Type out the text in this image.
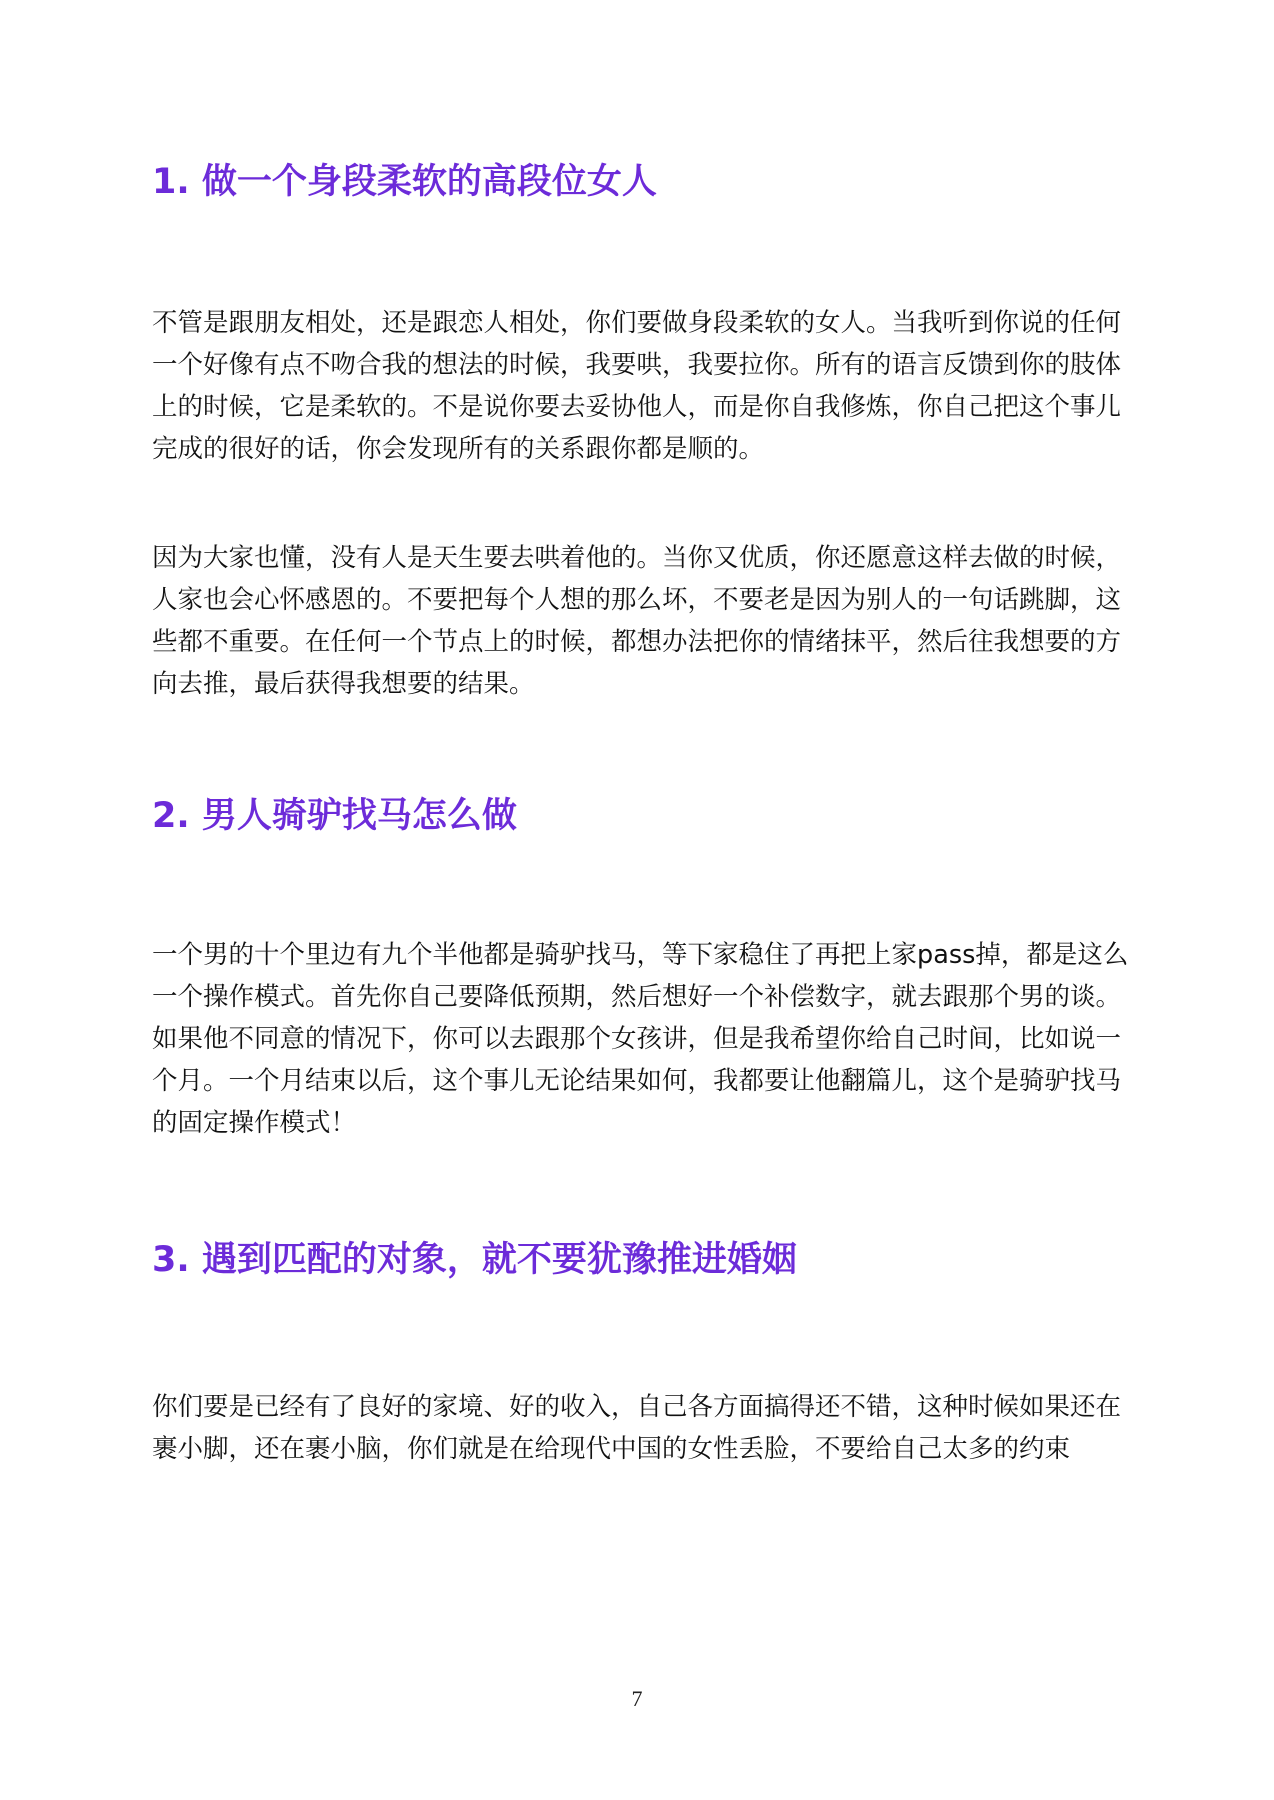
1. 做一个身段柔软的高段位女人

不管是跟朋友相处，还是跟恋人相处，你们要做身段柔软的女人。当我听到你说的任何一个好像有点不吻合我的想法的时候，我要哄，我要拉你。所有的语言反馈到你的肢体上的时候，它是柔软的。不是说你要去妥协他人，而是你自我修炼，你自己把这个事儿完成的很好的话，你会发现所有的关系跟你都是顺的。

因为大家也懂，没有人是天生要去哄着他的。当你又优质，你还愿意这样去做的时候，人家也会心怀感恩的。不要把每个人想的那么坏，不要老是因为别人的一句话跳脚，这些都不重要。在任何一个节点上的时候，都想办法把你的情绪抹平，然后往我想要的方向去推，最后获得我想要的结果。

2. 男人骑驴找马怎么做

一个男的十个里边有九个半他都是骑驴找马，等下家稳住了再把上家pass掉，都是这么一个操作模式。首先你自己要降低预期，然后想好一个补偿数字，就去跟那个男的谈。如果他不同意的情况下，你可以去跟那个女孩讲，但是我希望你给自己时间，比如说一个月。一个月结束以后，这个事儿无论结果如何，我都要让他翻篇儿，这个是骑驴找马的固定操作模式！

3. 遇到匹配的对象，就不要犹豫推进婚姻

你们要是已经有了良好的家境、好的收入，自己各方面搞得还不错，这种时候如果还在裹小脚，还在裹小脑，你们就是在给现代中国的女性丢脸，不要给自己太多的约束

7
